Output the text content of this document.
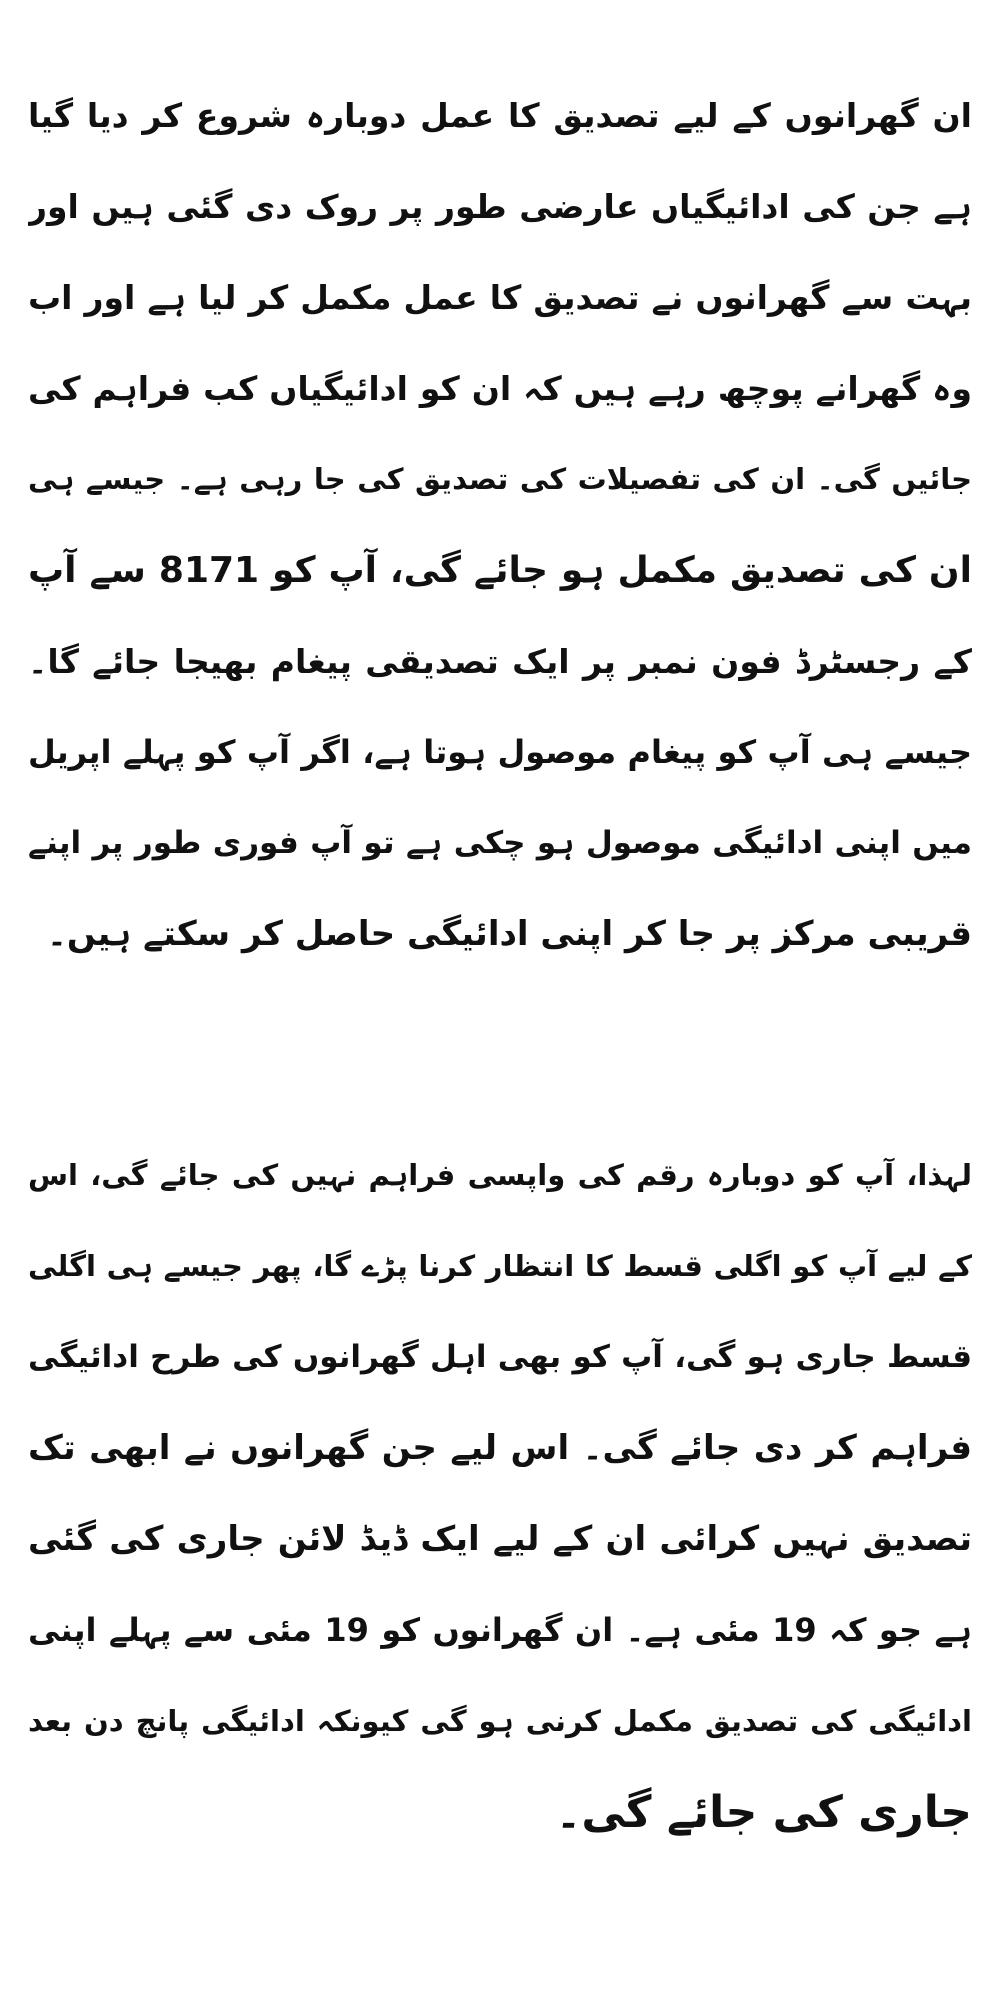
ان گھرانوں کے لیے تصدیق کا عمل دوبارہ شروع کر دیا گیا
ہے جن کی ادائیگیاں عارضی طور پر روک دی گئی ہیں اور
بہت سے گھرانوں نے تصدیق کا عمل مکمل کر لیا ہے اور اب
وہ گھرانے پوچھ رہے ہیں کہ ان کو ادائیگیاں کب فراہم کی
جائیں گی۔ ان کی تفصیلات کی تصدیق کی جا رہی ہے۔ جیسے ہی
ان کی تصدیق مکمل ہو جائے گی، آپ کو 8171 سے آپ
کے رجسٹرڈ فون نمبر پر ایک تصدیقی پیغام بھیجا جائے گا۔
جیسے ہی آپ کو پیغام موصول ہوتا ہے، اگر آپ کو پہلے اپریل
میں اپنی ادائیگی موصول ہو چکی ہے تو آپ فوری طور پر اپنے
قریبی مرکز پر جا کر اپنی ادائیگی حاصل کر سکتے ہیں۔
لہذا، آپ کو دوبارہ رقم کی واپسی فراہم نہیں کی جائے گی، اس
کے لیے آپ کو اگلی قسط کا انتظار کرنا پڑے گا، پھر جیسے ہی اگلی
قسط جاری ہو گی، آپ کو بھی اہل گھرانوں کی طرح ادائیگی
فراہم کر دی جائے گی۔ اس لیے جن گھرانوں نے ابھی تک
تصدیق نہیں کرائی ان کے لیے ایک ڈیڈ لائن جاری کی گئی
ہے جو کہ 19 مئی ہے۔ ان گھرانوں کو 19 مئی سے پہلے اپنی
ادائیگی کی تصدیق مکمل کرنی ہو گی کیونکہ ادائیگی پانچ دن بعد
جاری کی جائے گی۔
